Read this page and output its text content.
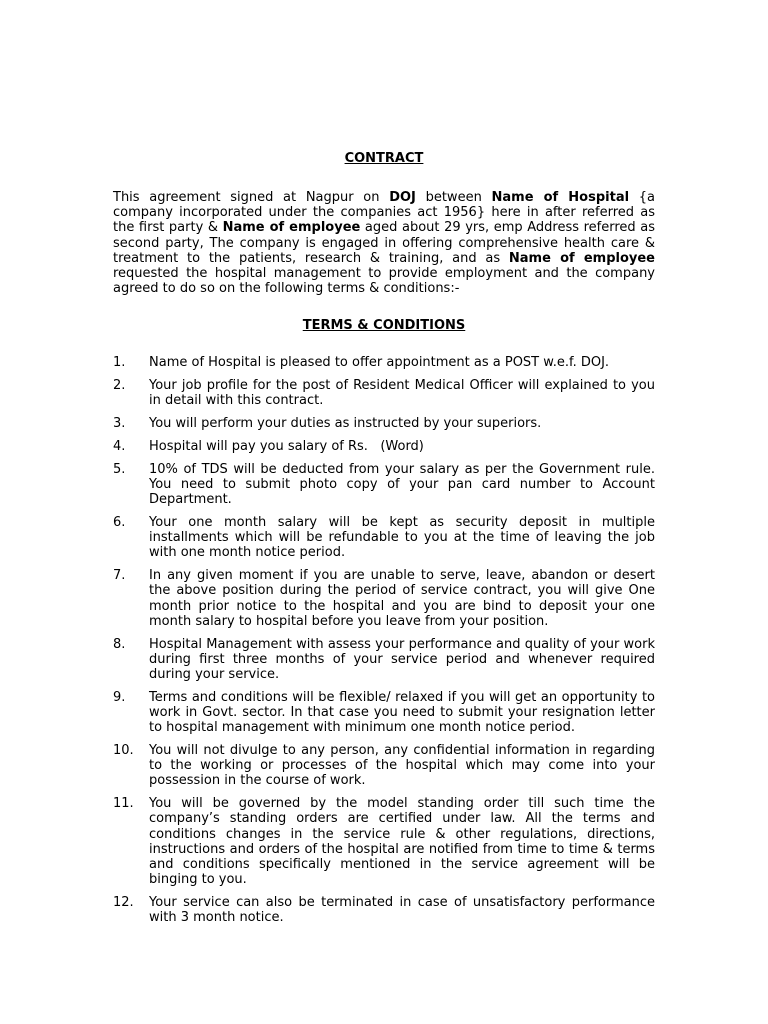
CONTRACT

This agreement signed at Nagpur on DOJ between Name of Hospital {a company incorporated under the companies act 1956} here in after referred as the first party & Name of employee aged about 29 yrs, emp Address referred as second party, The company is engaged in offering comprehensive health care & treatment to the patients, research & training, and as Name of employee requested the hospital management to provide employment and the company agreed to do so on the following terms & conditions:-

TERMS & CONDITIONS
1.	Name of Hospital is pleased to offer appointment as a POST w.e.f. DOJ.
2.	Your job profile for the post of Resident Medical Officer will explained to you in detail with this contract.
3.	You will perform your duties as instructed by your superiors.
4.	Hospital will pay you salary of Rs.   (Word)
5.	10% of TDS will be deducted from your salary as per the Government rule. You need to submit photo copy of your pan card number to Account Department.
6.	Your one month salary will be kept as security deposit in multiple installments which will be refundable to you at the time of leaving the job with one month notice period.
7.	In any given moment if you are unable to serve, leave, abandon or desert the above position during the period of service contract, you will give One month prior notice to the hospital and you are bind to deposit your one month salary to hospital before you leave from your position.
8.	Hospital Management with assess your performance and quality of your work during first three months of your service period and whenever required during your service.
9.	Terms and conditions will be flexible/ relaxed if you will get an opportunity to work in Govt. sector. In that case you need to submit your resignation letter to hospital management with minimum one month notice period.
10.	You will not divulge to any person, any confidential information in regarding to the working or processes of the hospital which may come into your possession in the course of work.
11.	You will be governed by the model standing order till such time the company’s standing orders are certified under law. All the terms and conditions changes in the service rule & other regulations, directions, instructions and orders of the hospital are notified from time to time & terms and conditions specifically mentioned in the service agreement will be binging to you.
12.	Your service can also be terminated in case of unsatisfactory performance with 3 month notice.
